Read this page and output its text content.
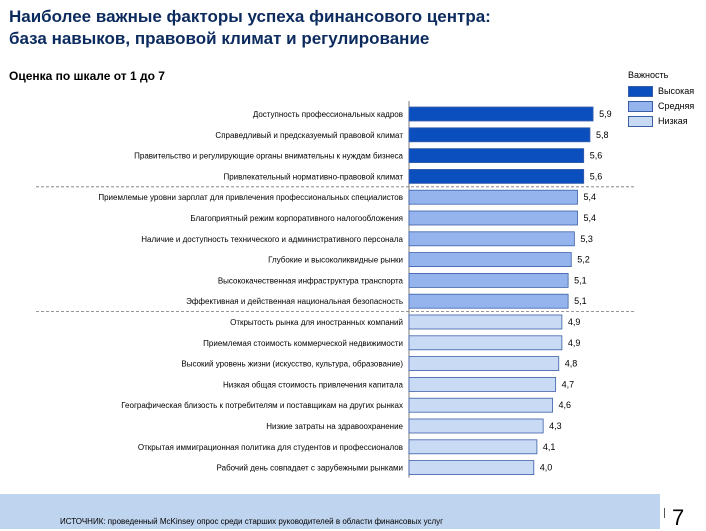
Наиболее важные факторы успеха финансового центра:
база навыков, правовой климат и регулирование
Оценка по шкале от 1 до 7	Важность
Высокая
Средняя
Низкая
Доступность профессиональных кадров	5,9
Справедливый и предсказуемый правовой климат	5,8
Правительство и регулирующие органы внимательны к нуждам бизнеса	5,6
Привлекательный нормативно-правовой климат	5,6
Приемлемые уровни зарплат для привлечения профессиональных специалистов	5,4
Благоприятный режим корпоративного налогообложения	5,4
Наличие и доступность технического и административного персонала	5,3
Глубокие и высоколиквидные рынки	5,2
Высококачественная инфраструктура транспорта	5,1
Эффективная и действенная национальная безопасность	5,1
Открытость рынка для иностранных компаний	4,9
Приемлемая стоимость коммерческой недвижимости	4,9
Высокий уровень жизни (искусство, культура, образование)	4,8
Низкая общая стоимость привлечения капитала	4,7
Географическая близость к потребителям и поставщикам на других рынках	4,6
Низкие затраты на здравоохранение	4,3
Открытая иммиграционная политика для студентов и профессионалов	4,1
Рабочий день совпадает с зарубежными рынками	4,0
ИСТОЧНИК: проведенный McKinsey опрос среди старших руководителей в области финансовых услуг	7
